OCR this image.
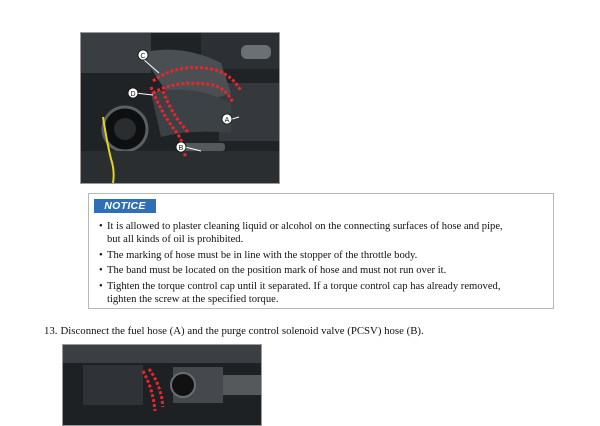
C
D
A
B
NOTICE
• It is allowed to plaster cleaning liquid or alcohol on the connecting surfaces of hose and pipe,
but all kinds of oil is prohibited.
• The marking of hose must be in line with the stopper of the throttle body.
• The band must be located on the position mark of hose and must not run over it.
• Tighten the torque control cap until it separated. If a torque control cap has already removed,
tighten the screw at the specified torque.
13. Disconnect the fuel hose (A) and the purge control solenoid valve (PCSV) hose (B).
